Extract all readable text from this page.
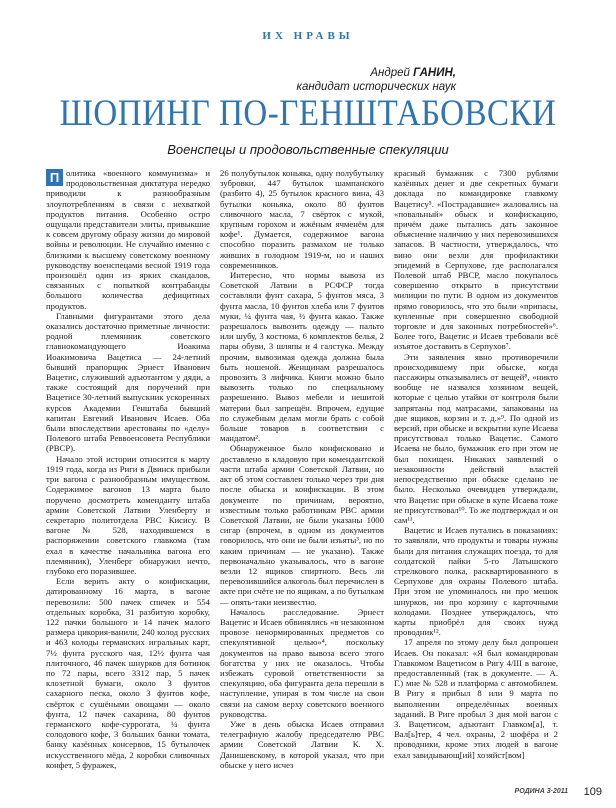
ИХ НРАВЫ
Андрей ГАНИН,
кандидат исторических наук
ШОПИНГ ПО-ГЕНШТАБОВСКИ
Военспецы и продовольственные спекуляции

П олитика «военного коммунизма» и продовольственная диктатура нередко приводили к разнообразным злоупотреблениям в связи с нехваткой продуктов питания. Особенно остро ощущали представители элиты, привыкшие к совсем другому образу жизни до мировой войны и революции. Не случайно именно с близкими к высшему советскому военному руководству военспецами весной 1919 года произошёл один из ярких скандалов, связанных с попыткой контрабанды большого количества дефицитных продуктов.

Главными фигурантами этого дела оказались достаточно приметные личности: родной племянник советского главнокомандующего Иоакима Иоакимовича Вацетиса — 24-летний бывший прапорщик Эрнест Иванович Вацетис, служивший адъютантом у дяди, а также состоящий для поручений при Вацетисе 30-летний выпускник ускоренных курсов Академии Генштаба бывший капитан Евгений Иванович Исаев. Оба были впоследствии арестованы по «делу» Полевого штаба Реввоенсовета Республики (РВСР).

Начало этой истории относится к марту 1919 года, когда из Риги в Двинск прибыли три вагона с разнообразным имуществом. Содержимое вагонов 13 марта было поручено досмотреть коменданту штаба армии Советской Латвии Уленберту и секретарю политотдела РВС Кисису. В вагоне № 528, находившемся в распоряжении советского главкома (там ехал в качестве начальника вагона его племянник), Уленберг обнаружил нечто, глубоко его поразившее.

Если верить акту о конфискации, датированному 16 марта, в вагоне перевозили: 500 пачек спичек и 554 отдельных коробка, 31 разбитую коробку, 122 пачки большого и 14 пачек малого размера цикория-ванили, 240 колод русских и 463 колоды германских игральных карт, 7½ фунта русского чая, 12½ фунта чая плиточного, 46 пачек шнурков для ботинок по 72 пары, всего 3312 пар, 5 пачек клозетной бумаги, около 3 фунтов сахарного песка, около 3 фунтов кофе, свёрток с сушёными овощами — около фунта, 12 пачек сахарина, 80 фунтов германского кофе-суррогата, ¼ фунта солодового кофе, 3 больших банки томата, банку казённых консервов, 15 бутылочек искусственного мёда, 2 коробки сливочных конфет, 5 фуражек,

26 полубутылок коньяка, одну полубутылку зубровки, 447 бутылок шампанского (разбито 4), 25 бутылок красного вина, 43 бутылки коньяка, около 80 фунтов сливочного масла, 7 свёрток с мукой, крупным горохом и жжёным ячменём для кофе¹. Думается, содержимое вагона способно поразить размахом не только живших в голодном 1919-м, но и наших современников.

Интересно, что нормы вывоза из Советской Латвии в РСФСР тогда составляли фунт сахара, 5 фунтов мяса, 3 фунта масла, 10 фунтов хлеба или 7 фунтов муки, ¼ фунта чая, ½ фунта какао. Также разрешалось вывозить одежду — пальто или шубу, 3 костюма, 6 комплектов белья, 2 пары обуви, 3 шляпы и 4 галстука. Между прочим, вывозимая одежда должна была быть ношеной. Женщинам разрешалось провозить 3 лифчика. Книги можно было вывозить только по специальному разрешению. Вывоз мебели и нешитой материи был запрещён. Впрочем, едущие по служебным делам могли брать с собой больше товаров в соответствии с мандатом².

Обнаруженное было конфисковано и доставлено в кладовую при комендантской части штаба армии Советской Латвии, но акт об этом составлен только через три дня после обыска и конфискации. В этом документе по причинам, вероятно, известным только работникам РВС армии Советской Латвии, не были указаны 1000 сигар (впрочем, в одном из документов говорилось, что они не были изъяты³, но по каким причинам — не указано). Также первоначально указывалось, что в вагоне везли 12 ящиков спиртного. Весь ли перевозившийся алкоголь был перечислен в акте при счёте не по ящикам, а по бутылкам — опять-таки неизвестно.

Началось расследование. Эрнест Вацетис и Исаев обвинялись «в незаконном провозе ненормированных предметов со спекулятивной целью»⁴, поскольку документов на право вывоза всего этого богатства у них не оказалось. Чтобы избежать суровой ответственности за спекуляцию, оба фигуранта дела перешли в наступление, упирая в том числе на свои связи на самом верху советского военного руководства.

Уже в день обыска Исаев отправил телеграфную жалобу председателю РВС армии Советской Латвии К. Х. Данишевскому, в которой указал, что при обыске у него исчез

красный бумажник с 7300 рублями казённых денег и две секретных бумаги доклада по командировке главкому Вацетису⁵. «Пострадавшие» жаловались на «повальный» обыск и конфискацию, причём даже пытались дать законное объяснение наличию у них перевозившихся запасов. В частности, утверждалось, что вино они везли для профилактики эпидемий в Серпухове, где располагался Полевой штаб РВСР, масло покупалось совершенно открыто в присутствии милиции по пути. В одном из документов прямо говорилось, что это были «припасы, купленные при совершенно свободной торговле и для законных потребностей»⁶. Более того, Вацетис и Исаев требовали всё изъятое доставить в Серпухов⁷.

Эти заявления явно противоречили происходившему при обыске, когда пассажиры отказывались от вещей⁸, «никто вообще не назвался хозяином вещей, которые с целью утайки от контроля были запрятаны под матрасами, запакованы на дне ящиков, корзин и т. д.»⁹. По одной из версий, при обыске и вскрытии купе Исаева присутствовал только Вацетис. Самого Исаева не было, бумажник его при этом не был похищен. Никаких заявлений о незаконности действий властей непосредственно при обыске сделано не было. Несколько очевидцев утверждали, что Вацетис при обыске в купе Исаева тоже не присутствовал¹⁰. То же подтверждал и он сам¹¹.

Вацетис и Исаев путались в показаниях: то заявляли, что продукты и товары нужны были для питания служащих поезда, то для солдатской пайки 5-го Латышского стрелкового полка, расквартированного в Серпухове для охраны Полевого штаба. При этом не упоминалось ни про мешок шнурков, ни про корзину с карточными колодами. Позднее утверждалось, что карты приобрёл для своих нужд проводник¹².

17 апреля по этому делу был допрошен Исаев. Он показал: «Я был командирован Главкомом Вацетисом в Ригу 4/III в вагоне, предоставленный (так в документе. — А. Г.) мне № 528 и платформа с автомобилем. В Ригу я прибыл 8 или 9 марта по выполнении определённых военных заданий. В Риге пробыл 3 дня мой вагон с 3. Вацетисом, адъютант Главком[а], т. Вал[ь]тер, 4 чел. охраны, 2 шофёра и 2 проводники, кроме этих людей в вагоне ехал завидывающ[ий] хозяйст[вом]

РОДИНА 3·2011 109
